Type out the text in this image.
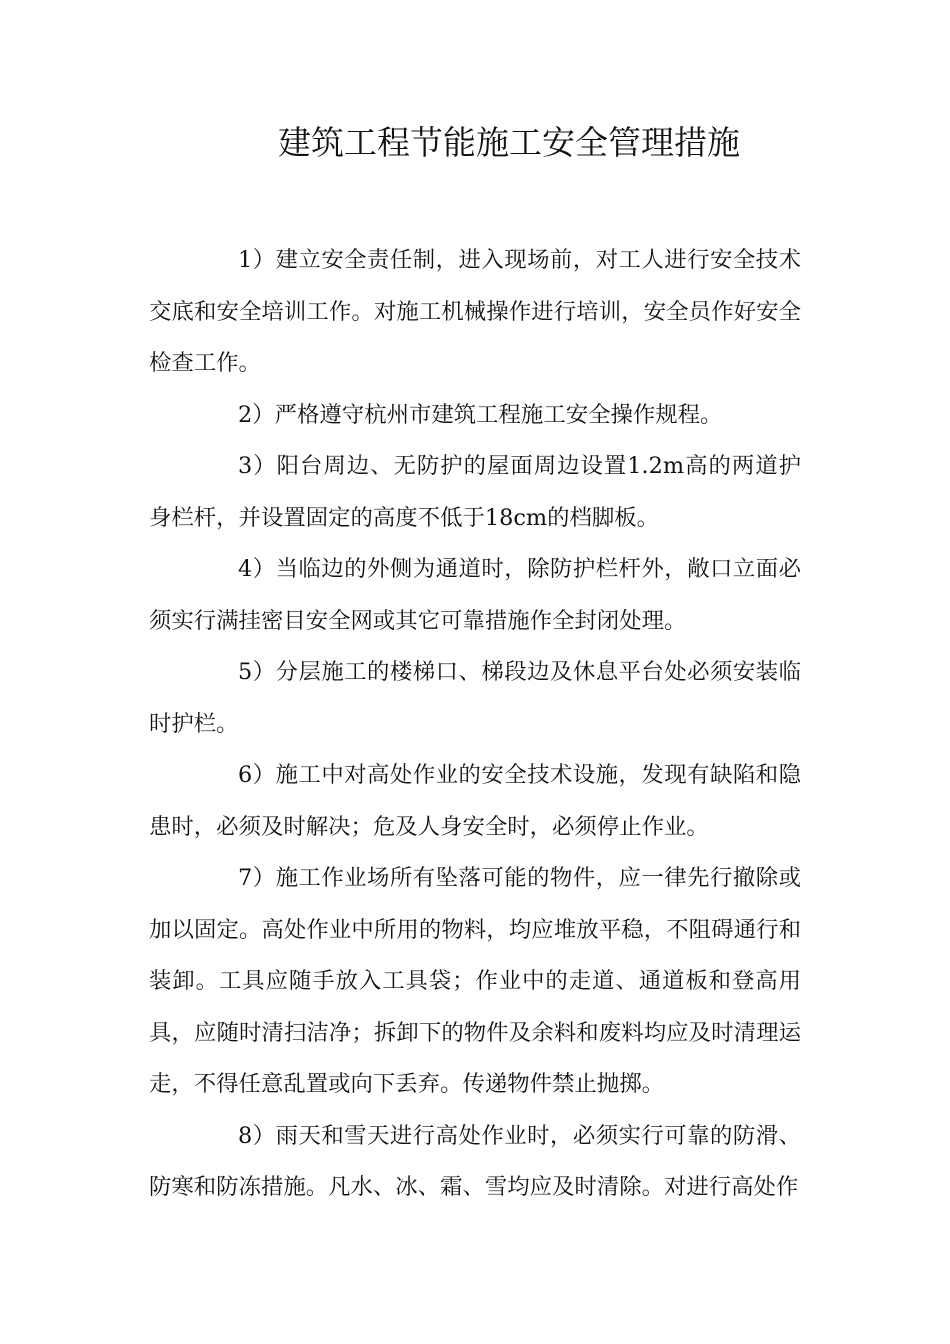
建筑工程节能施工安全管理措施

1）建立安全责任制，进入现场前，对工人进行安全技术交底和安全培训工作。对施工机械操作进行培训，安全员作好安全检查工作。

2）严格遵守杭州市建筑工程施工安全操作规程。

3）阳台周边、无防护的屋面周边设置1.2m高的两道护身栏杆，并设置固定的高度不低于18cm的档脚板。

4）当临边的外侧为通道时，除防护栏杆外，敞口立面必须实行满挂密目安全网或其它可靠措施作全封闭处理。

5）分层施工的楼梯口、梯段边及休息平台处必须安装临时护栏。

6）施工中对高处作业的安全技术设施，发现有缺陷和隐患时，必须及时解决；危及人身安全时，必须停止作业。

7）施工作业场所有坠落可能的物件，应一律先行撤除或加以固定。高处作业中所用的物料，均应堆放平稳，不阻碍通行和装卸。工具应随手放入工具袋；作业中的走道、通道板和登高用具，应随时清扫洁净；拆卸下的物件及余料和废料均应及时清理运走，不得任意乱置或向下丢弃。传递物件禁止抛掷。

8）雨天和雪天进行高处作业时，必须实行可靠的防滑、防寒和防冻措施。凡水、冰、霜、雪均应及时清除。对进行高处作
